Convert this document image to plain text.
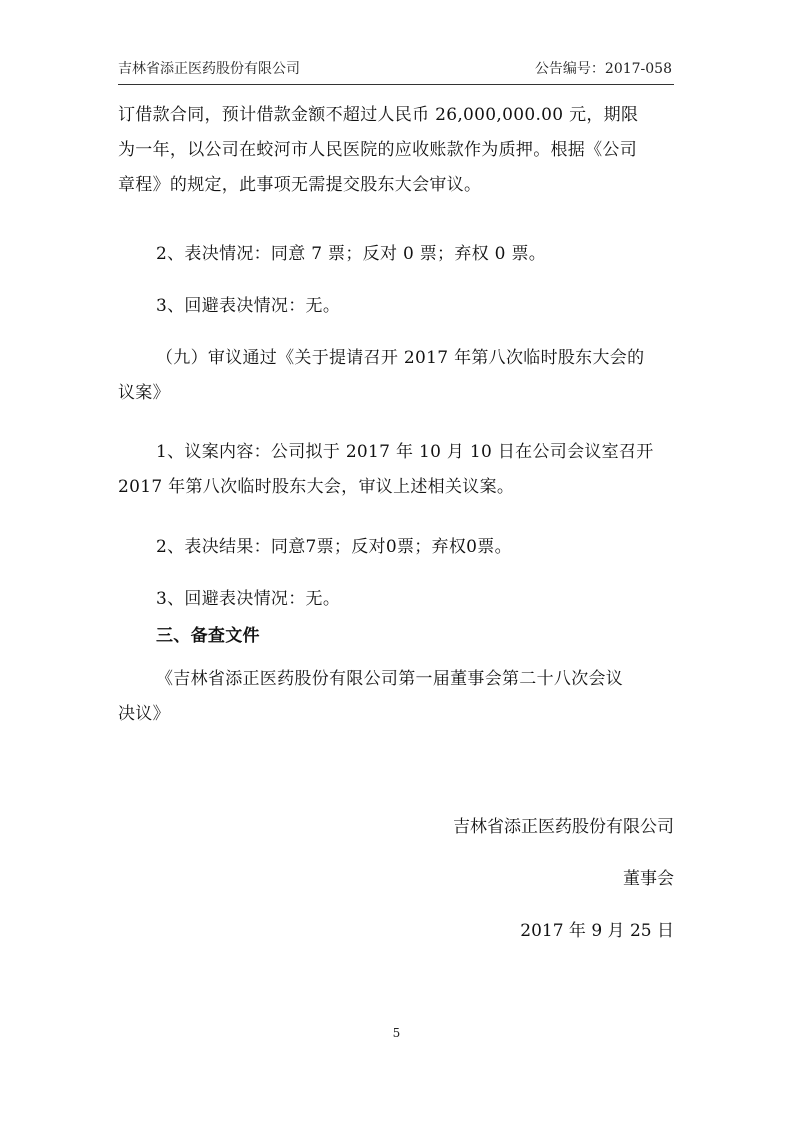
吉林省添正医药股份有限公司	公告编号：2017-058
订借款合同，预计借款金额不超过人民币 26,000,000.00 元，期限
为一年，以公司在蛟河市人民医院的应收账款作为质押。根据《公司
章程》的规定，此事项无需提交股东大会审议。
2、表决情况：同意 7 票；反对 0 票；弃权 0 票。
3、回避表决情况：无。
（九）审议通过《关于提请召开 2017 年第八次临时股东大会的
议案》
1、议案内容：公司拟于 2017 年 10 月 10 日在公司会议室召开
2017 年第八次临时股东大会，审议上述相关议案。
2、表决结果：同意7票；反对0票；弃权0票。
3、回避表决情况：无。
三、备查文件
《吉林省添正医药股份有限公司第一届董事会第二十八次会议
决议》
吉林省添正医药股份有限公司
董事会
2017 年 9 月 25 日
5
